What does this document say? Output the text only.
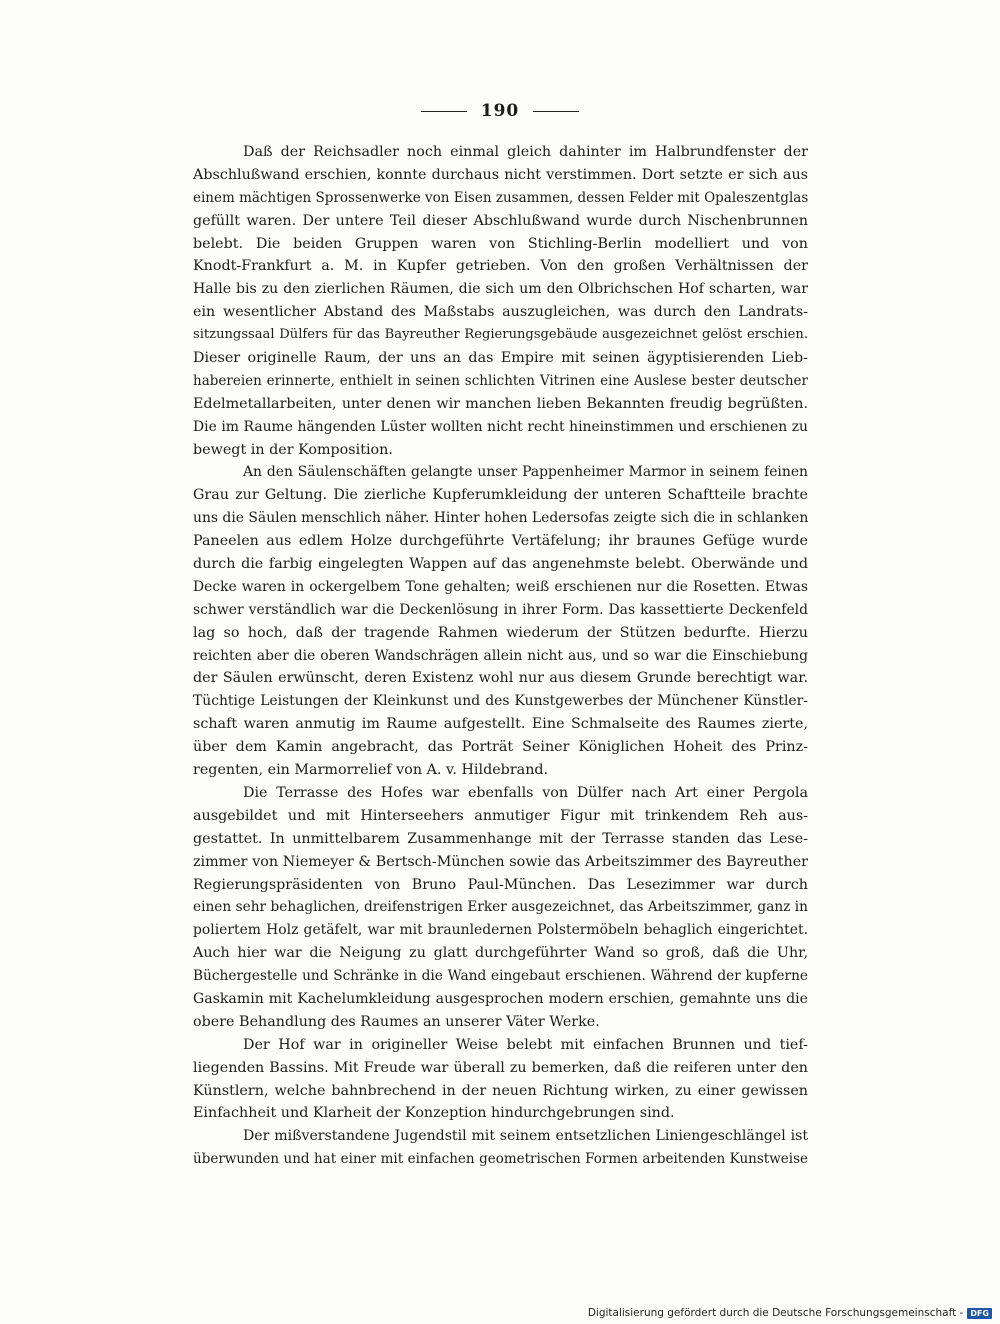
190
Daß der Reichsadler noch einmal gleich dahinter im Halbrundfenster der
Abschlußwand erschien, konnte durchaus nicht verstimmen. Dort setzte er sich aus
einem mächtigen Sprossenwerke von Eisen zusammen, dessen Felder mit Opaleszentglas
gefüllt waren. Der untere Teil dieser Abschlußwand wurde durch Nischenbrunnen
belebt. Die beiden Gruppen waren von Stichling-Berlin modelliert und von
Knodt-Frankfurt a. M. in Kupfer getrieben. Von den großen Verhältnissen der
Halle bis zu den zierlichen Räumen, die sich um den Olbrichschen Hof scharten, war
ein wesentlicher Abstand des Maßstabs auszugleichen, was durch den Landrats-
sitzungssaal Dülfers für das Bayreuther Regierungsgebäude ausgezeichnet gelöst erschien.
Dieser originelle Raum, der uns an das Empire mit seinen ägyptisierenden Lieb-
habereien erinnerte, enthielt in seinen schlichten Vitrinen eine Auslese bester deutscher
Edelmetallarbeiten, unter denen wir manchen lieben Bekannten freudig begrüßten.
Die im Raume hängenden Lüster wollten nicht recht hineinstimmen und erschienen zu
bewegt in der Komposition.
An den Säulenschäften gelangte unser Pappenheimer Marmor in seinem feinen
Grau zur Geltung. Die zierliche Kupferumkleidung der unteren Schaftteile brachte
uns die Säulen menschlich näher. Hinter hohen Ledersofas zeigte sich die in schlanken
Paneelen aus edlem Holze durchgeführte Vertäfelung; ihr braunes Gefüge wurde
durch die farbig eingelegten Wappen auf das angenehmste belebt. Oberwände und
Decke waren in ockergelbem Tone gehalten; weiß erschienen nur die Rosetten. Etwas
schwer verständlich war die Deckenlösung in ihrer Form. Das kassettierte Deckenfeld
lag so hoch, daß der tragende Rahmen wiederum der Stützen bedurfte. Hierzu
reichten aber die oberen Wandschrägen allein nicht aus, und so war die Einschiebung
der Säulen erwünscht, deren Existenz wohl nur aus diesem Grunde berechtigt war.
Tüchtige Leistungen der Kleinkunst und des Kunstgewerbes der Münchener Künstler-
schaft waren anmutig im Raume aufgestellt. Eine Schmalseite des Raumes zierte,
über dem Kamin angebracht, das Porträt Seiner Königlichen Hoheit des Prinz-
regenten, ein Marmorrelief von A. v. Hildebrand.
Die Terrasse des Hofes war ebenfalls von Dülfer nach Art einer Pergola
ausgebildet und mit Hinterseehers anmutiger Figur mit trinkendem Reh aus-
gestattet. In unmittelbarem Zusammenhange mit der Terrasse standen das Lese-
zimmer von Niemeyer & Bertsch-München sowie das Arbeitszimmer des Bayreuther
Regierungspräsidenten von Bruno Paul-München. Das Lesezimmer war durch
einen sehr behaglichen, dreifenstrigen Erker ausgezeichnet, das Arbeitszimmer, ganz in
poliertem Holz getäfelt, war mit braunledernen Polstermöbeln behaglich eingerichtet.
Auch hier war die Neigung zu glatt durchgeführter Wand so groß, daß die Uhr,
Büchergestelle und Schränke in die Wand eingebaut erschienen. Während der kupferne
Gaskamin mit Kachelumkleidung ausgesprochen modern erschien, gemahnte uns die
obere Behandlung des Raumes an unserer Väter Werke.
Der Hof war in origineller Weise belebt mit einfachen Brunnen und tief-
liegenden Bassins. Mit Freude war überall zu bemerken, daß die reiferen unter den
Künstlern, welche bahnbrechend in der neuen Richtung wirken, zu einer gewissen
Einfachheit und Klarheit der Konzeption hindurchgebrungen sind.
Der mißverstandene Jugendstil mit seinem entsetzlichen Liniengeschlängel ist
überwunden und hat einer mit einfachen geometrischen Formen arbeitenden Kunstweise
Digitalisierung gefördert durch die Deutsche Forschungsgemeinschaft - DFG
